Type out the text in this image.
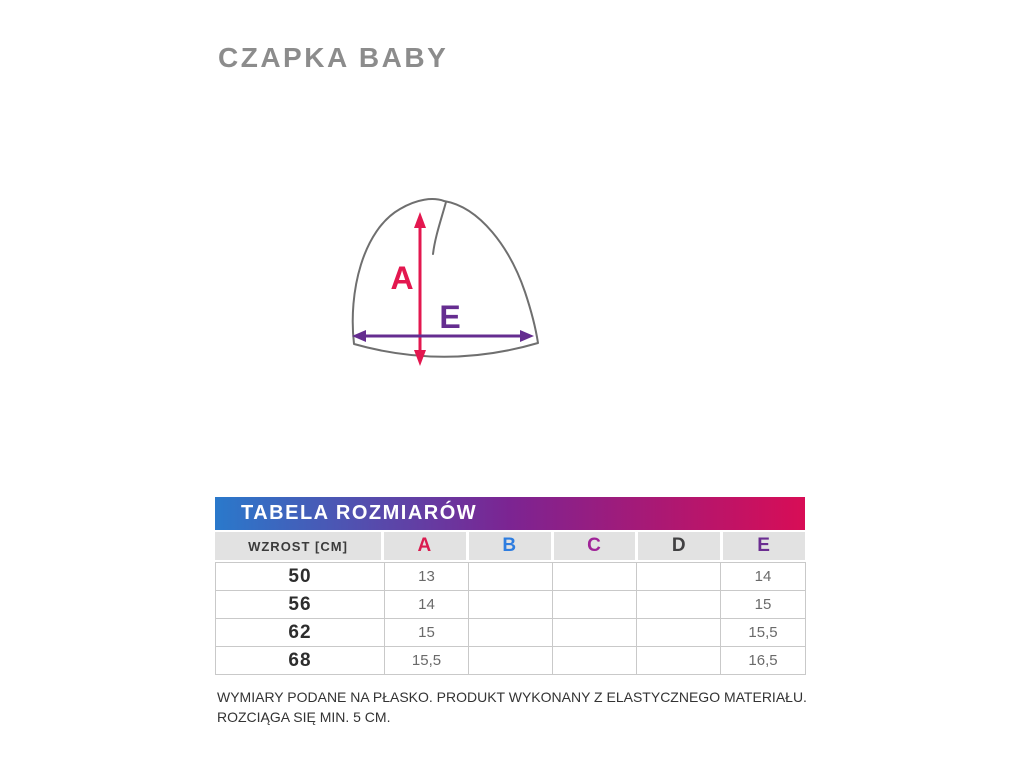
CZAPKA BABY
A
E
TABELA ROZMIARÓW
WZROST [CM]	A	B	C	D	E
50	13				14
56	14				15
62	15				15,5
68	15,5				16,5
WYMIARY PODANE NA PŁASKO. PRODUKT WYKONANY Z ELASTYCZNEGO MATERIAŁU.
ROZCIĄGA SIĘ MIN. 5 CM.
